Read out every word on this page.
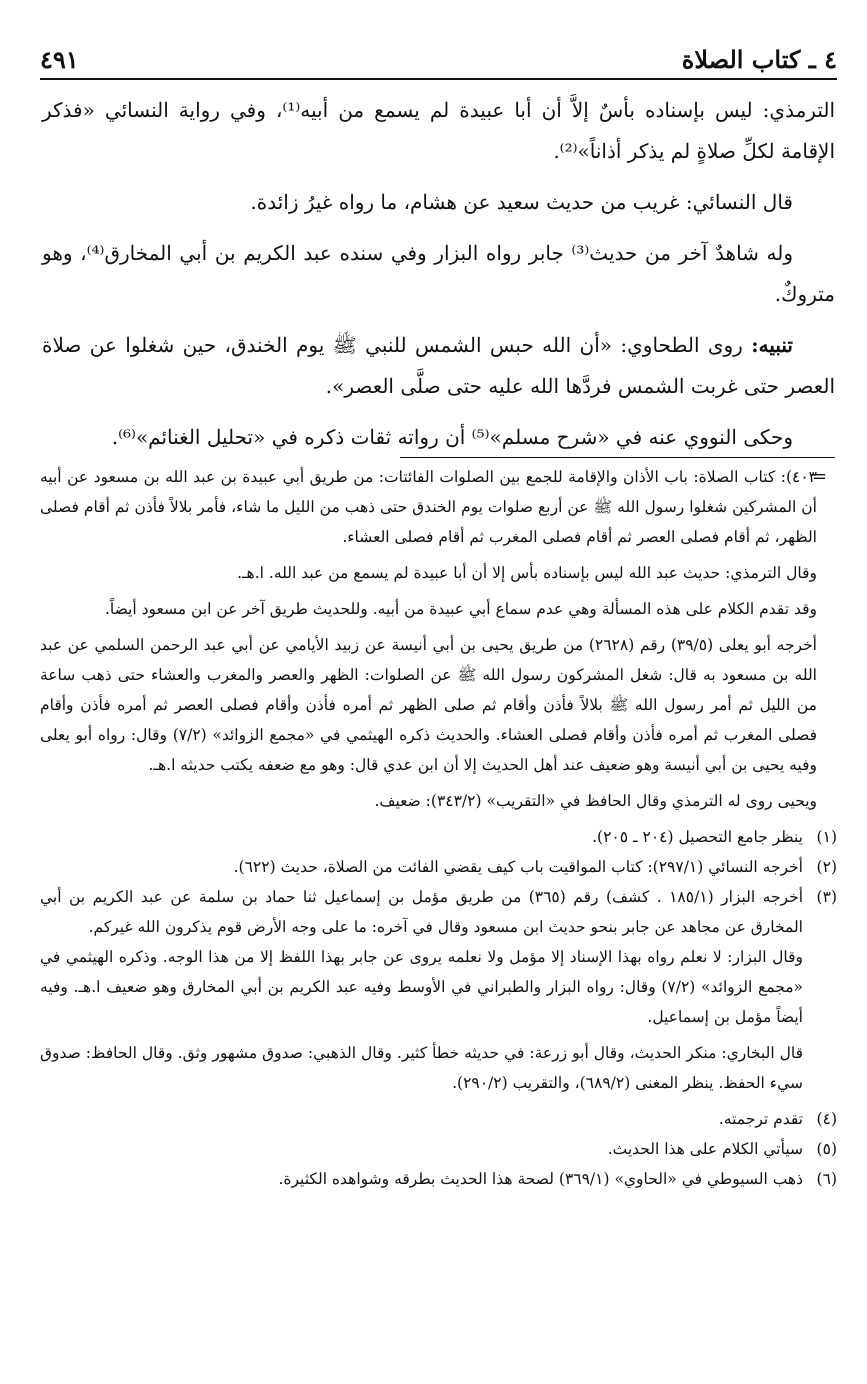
٤ ـ كتاب الصلاة
٤٩١

الترمذي: ليس بإسناده بأسٌ إلاَّ أن أبا عبيدة لم يسمع من أبيه⁽¹⁾، وفي رواية النسائي «فذكر الإقامة لكلِّ صلاةٍ لم يذكر أذاناً»⁽²⁾.

قال النسائي: غريب من حديث سعيد عن هشام، ما رواه غيرُ زائدة.

وله شاهدٌ آخر من حديث⁽³⁾ جابر رواه البزار وفي سنده عبد الكريم بن أبي المخارق⁽⁴⁾، وهو متروكٌ.

تنبيه: روى الطحاوي: «أن الله حبس الشمس للنبي ﷺ يوم الخندق، حين شغلوا عن صلاة العصر حتى غربت الشمس فردَّها الله عليه حتى صلَّى العصر».

وحكى النووي عنه في «شرح مسلم»⁽⁵⁾ أن رواته ثقات ذكره في «تحليل الغنائم»⁽⁶⁾.

=

٤٠٣): كتاب الصلاة: باب الأذان والإقامة للجمع بين الصلوات الفائتات: من طريق أبي عبيدة بن عبد الله بن مسعود عن أبيه أن المشركين شغلوا رسول الله ﷺ عن أربع صلوات يوم الخندق حتى ذهب من الليل ما شاء، فأمر بلالاً فأذن ثم أقام فصلى الظهر، ثم أقام فصلى العصر ثم أقام فصلى المغرب ثم أقام فصلى العشاء.

وقال الترمذي: حديث عبد الله ليس بإسناده بأس إلا أن أبا عبيدة لم يسمع من عبد الله. ا.هـ.

وقد تقدم الكلام على هذه المسألة وهي عدم سماع أبي عبيدة من أبيه. وللحديث طريق آخر عن ابن مسعود أيضاً.

أخرجه أبو يعلى (٣٩/٥) رقم (٢٦٢٨) من طريق يحيى بن أبي أنيسة عن زبيد الأيامي عن أبي عبد الرحمن السلمي عن عبد الله بن مسعود به قال: شغل المشركون رسول الله ﷺ عن الصلوات: الظهر والعصر والمغرب والعشاء حتى ذهب ساعة من الليل ثم أمر رسول الله ﷺ بلالاً فأذن وأقام ثم صلى الظهر ثم أمره فأذن وأقام فصلى العصر ثم أمره فأذن وأقام فصلى المغرب ثم أمره فأذن وأقام فصلى العشاء. والحديث ذكره الهيثمي في «مجمع الزوائد» (٧/٢) وقال: رواه أبو يعلى وفيه يحيى بن أبي أنيسة وهو ضعيف عند أهل الحديث إلا أن ابن عدي قال: وهو مع ضعفه يكتب حديثه ا.هـ.

ويحيى روى له الترمذي وقال الحافظ في «التقريب» (٣٤٣/٢): ضعيف.

(١)
ينظر جامع التحصيل (٢٠٤ ـ ٢٠٥).
(٢)
أخرجه النسائي (٢٩٧/١): كتاب المواقيت باب كيف يقضي الفائت من الصلاة، حديث (٦٢٢).
(٣)
أخرجه البزار (١٨٥/١ . كشف) رقم (٣٦٥) من طريق مؤمل بن إسماعيل ثنا حماد بن سلمة عن عبد الكريم بن أبي المخارق عن مجاهد عن جابر بنحو حديث ابن مسعود وقال في آخره: ما على وجه الأرض قوم يذكرون الله غيركم.

وقال البزار: لا نعلم رواه بهذا الإسناد إلا مؤمل ولا نعلمه يروى عن جابر بهذا اللفظ إلا من هذا الوجه. وذكره الهيثمي في «مجمع الزوائد» (٧/٢) وقال: رواه البزار والطبراني في الأوسط وفيه عبد الكريم بن أبي المخارق وهو ضعيف ا.هـ. وفيه أيضاً مؤمل بن إسماعيل.

قال البخاري: منكر الحديث، وقال أبو زرعة: في حديثه خطأ كثير. وقال الذهبي: صدوق مشهور وثق. وقال الحافظ: صدوق سيء الحفظ. ينظر المغنى (٦٨٩/٢)، والتقريب (٢٩٠/٢).

(٤)
تقدم ترجمته.
(٥)
سيأتي الكلام على هذا الحديث.
(٦)
ذهب السيوطي في «الحاوي» (٣٦٩/١) لصحة هذا الحديث بطرقه وشواهده الكثيرة.
